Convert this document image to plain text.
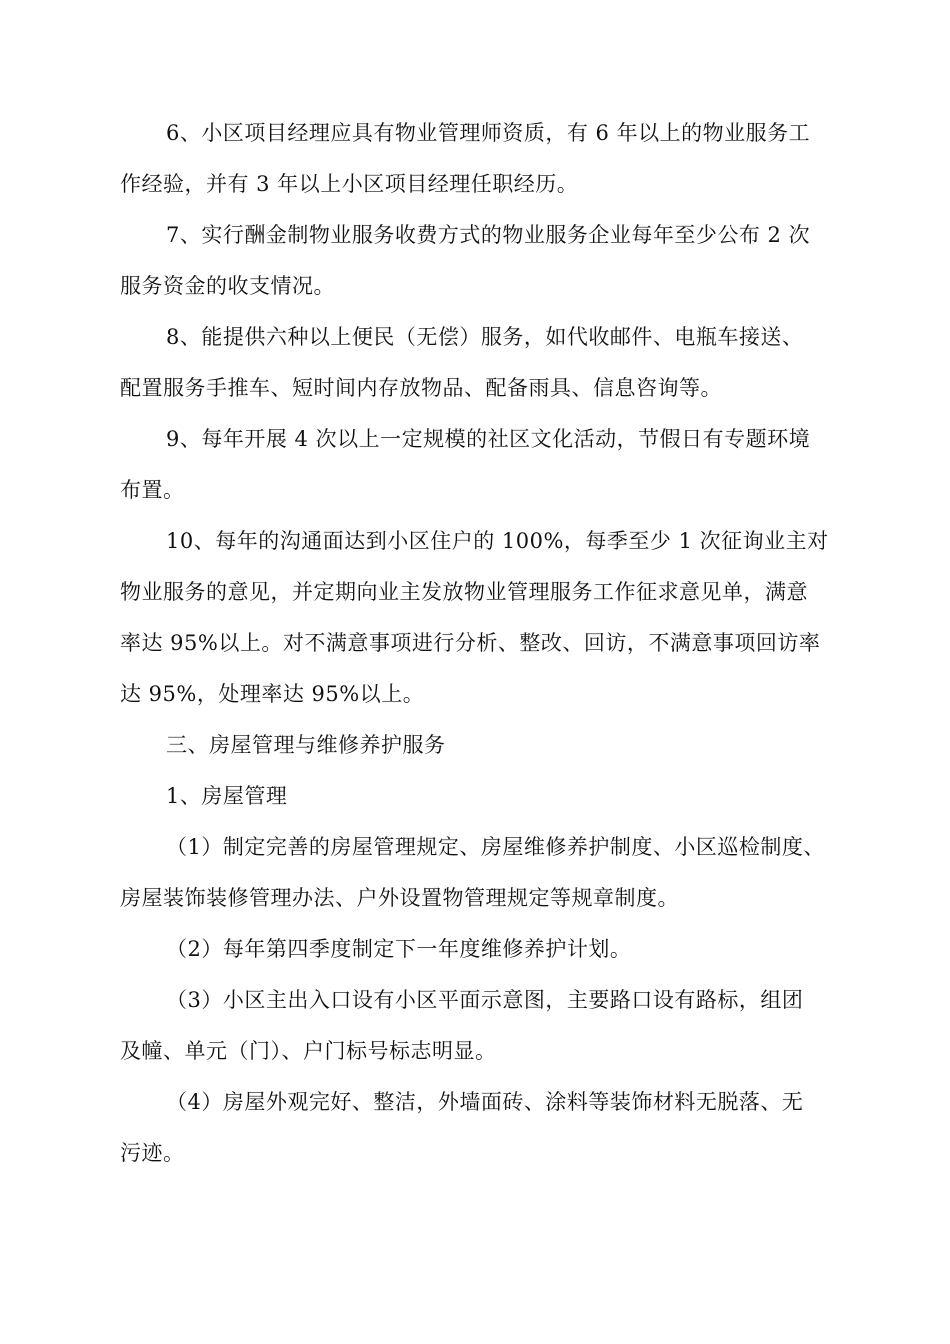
6、小区项目经理应具有物业管理师资质，有 6 年以上的物业服务工
作经验，并有 3 年以上小区项目经理任职经历。
7、实行酬金制物业服务收费方式的物业服务企业每年至少公布 2 次
服务资金的收支情况。
8、能提供六种以上便民（无偿）服务，如代收邮件、电瓶车接送、
配置服务手推车、短时间内存放物品、配备雨具、信息咨询等。
9、每年开展 4 次以上一定规模的社区文化活动，节假日有专题环境
布置。
10、每年的沟通面达到小区住户的 100%，每季至少 1 次征询业主对
物业服务的意见，并定期向业主发放物业管理服务工作征求意见单，满意
率达 95%以上。对不满意事项进行分析、整改、回访，不满意事项回访率
达 95%，处理率达 95%以上。
三、房屋管理与维修养护服务
1、房屋管理
（1）制定完善的房屋管理规定、房屋维修养护制度、小区巡检制度、
房屋装饰装修管理办法、户外设置物管理规定等规章制度。
（2）每年第四季度制定下一年度维修养护计划。
（3）小区主出入口设有小区平面示意图，主要路口设有路标，组团
及幢、单元（门）、户门标号标志明显。
（4）房屋外观完好、整洁，外墙面砖、涂料等装饰材料无脱落、无
污迹。
